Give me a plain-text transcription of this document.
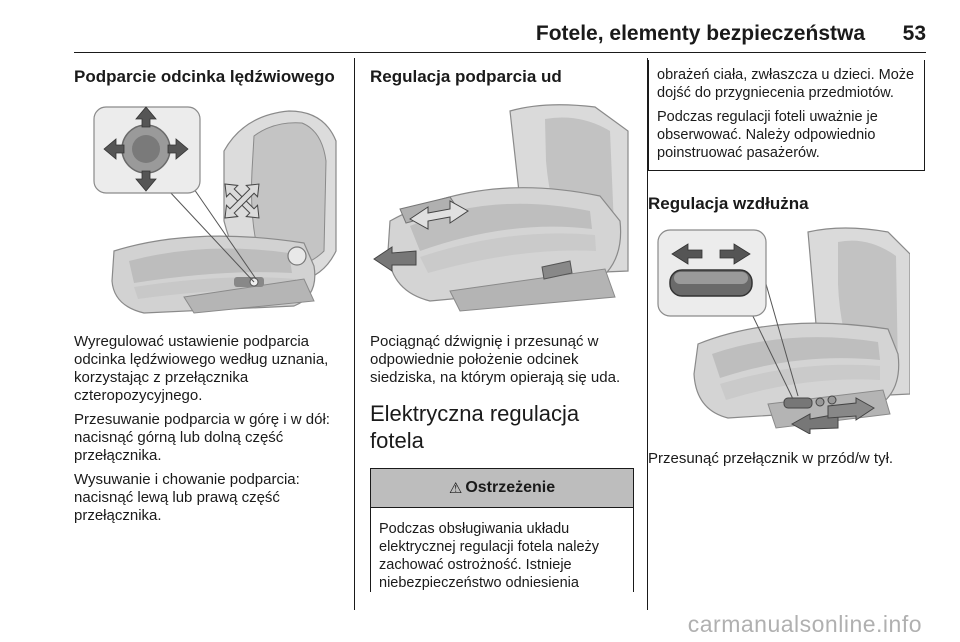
Fotele, elementy bezpieczeństwa 53
Podparcie odcinka lędźwiowego

Wyregulować ustawienie podparcia odcinka lędźwiowego według uznania, korzystając z przełącznika czteropozycyjnego.

Przesuwanie podparcia w górę i w dół: nacisnąć górną lub dolną część przełącznika.

Wysuwanie i chowanie podparcia: nacisnąć lewą lub prawą część przełącznika.

Regulacja podparcia ud

Pociągnąć dźwignię i przesunąć w odpowiednie położenie odcinek siedziska, na którym opierają się uda.

Elektryczna regulacja fotela
⚠ Ostrzeżenie

Podczas obsługiwania układu elektrycznej regulacji fotela należy zachować ostrożność. Istnieje niebezpieczeństwo odniesienia

obrażeń ciała, zwłaszcza u dzieci. Może dojść do przygniecenia przedmiotów.

Podczas regulacji foteli uważnie je obserwować. Należy odpowiednio poinstruować pasażerów.

Regulacja wzdłużna

Przesunąć przełącznik w przód/w tył.

carmanualsonline.info
